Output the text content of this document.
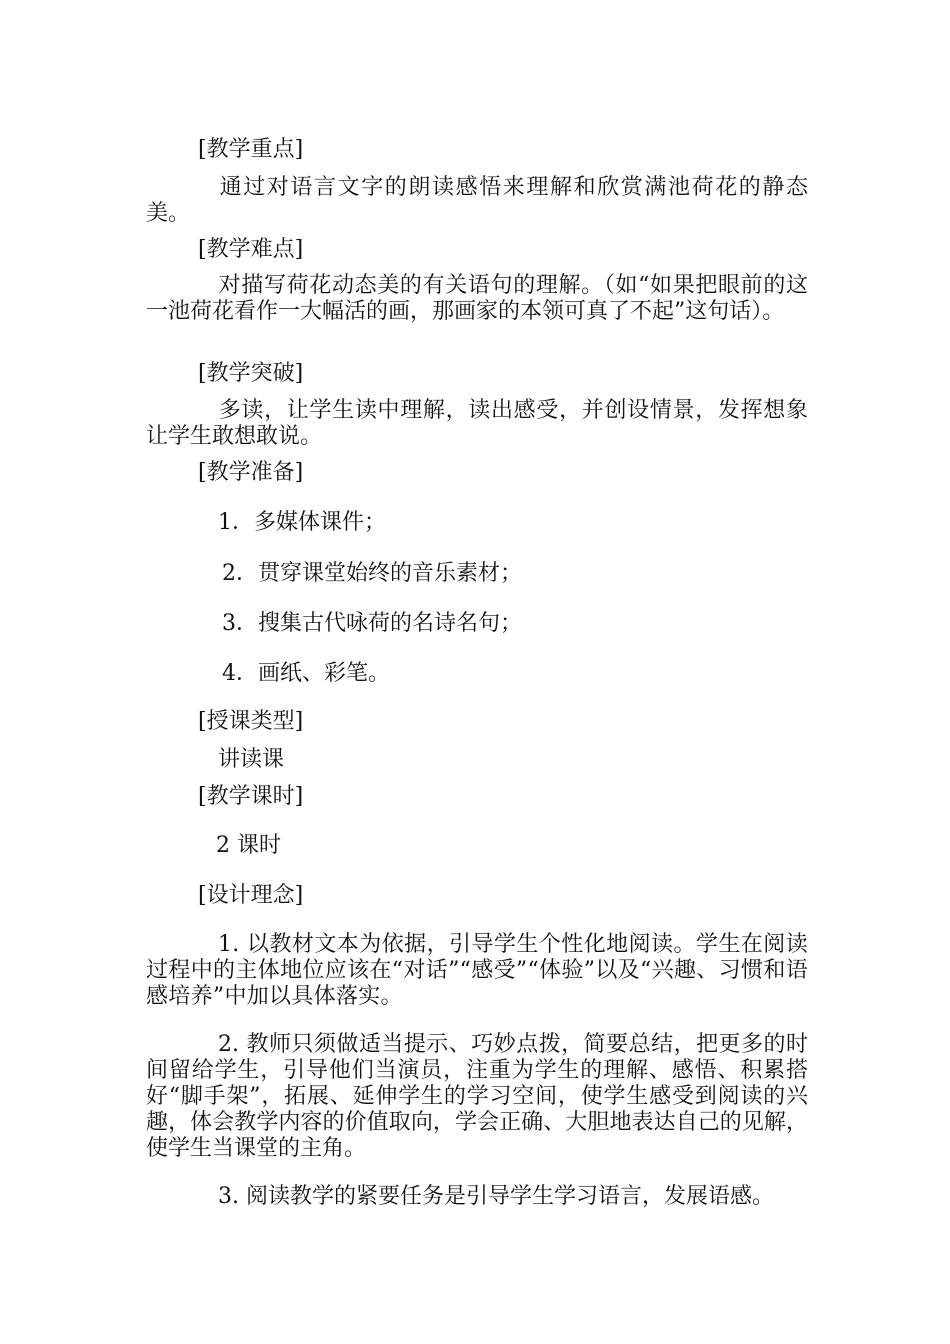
[教学重点]

通过对语言文字的朗读感悟来理解和欣赏满池荷花的静态美。

[教学难点]

对描写荷花动态美的有关语句的理解。（如“如果把眼前的这一池荷花看作一大幅活的画，那画家的本领可真了不起”这句话）。

[教学突破]

多读，让学生读中理解，读出感受，并创设情景，发挥想象让学生敢想敢说。

[教学准备]

1．多媒体课件；

2．贯穿课堂始终的音乐素材；

3．搜集古代咏荷的名诗名句；

4．画纸、彩笔。

[授课类型]

讲读课

[教学课时]

2 课时

[设计理念]

1. 以教材文本为依据，引导学生个性化地阅读。学生在阅读过程中的主体地位应该在“对话”“感受”“体验”以及“兴趣、习惯和语感培养”中加以具体落实。

2. 教师只须做适当提示、巧妙点拨，简要总结，把更多的时间留给学生，引导他们当演员，注重为学生的理解、感悟、积累搭好“脚手架”，拓展、延伸学生的学习空间，使学生感受到阅读的兴趣，体会教学内容的价值取向，学会正确、大胆地表达自己的见解，使学生当课堂的主角。

3. 阅读教学的紧要任务是引导学生学习语言，发展语感。
